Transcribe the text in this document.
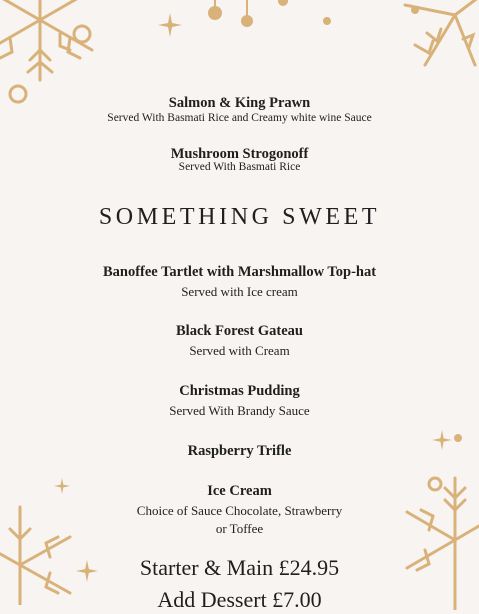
Salmon & King Prawn
Served With Basmati Rice and Creamy white wine Sauce
Mushroom Strogonoff
Served With Basmati Rice
SOMETHING SWEET
Banoffee Tartlet with Marshmallow Top-hat
Served with Ice cream
Black Forest Gateau
Served with Cream
Christmas Pudding
Served With Brandy Sauce
Raspberry Trifle
Ice Cream
Choice of Sauce Chocolate, Strawberry
or Toffee
Starter & Main £24.95
Add Dessert £7.00
